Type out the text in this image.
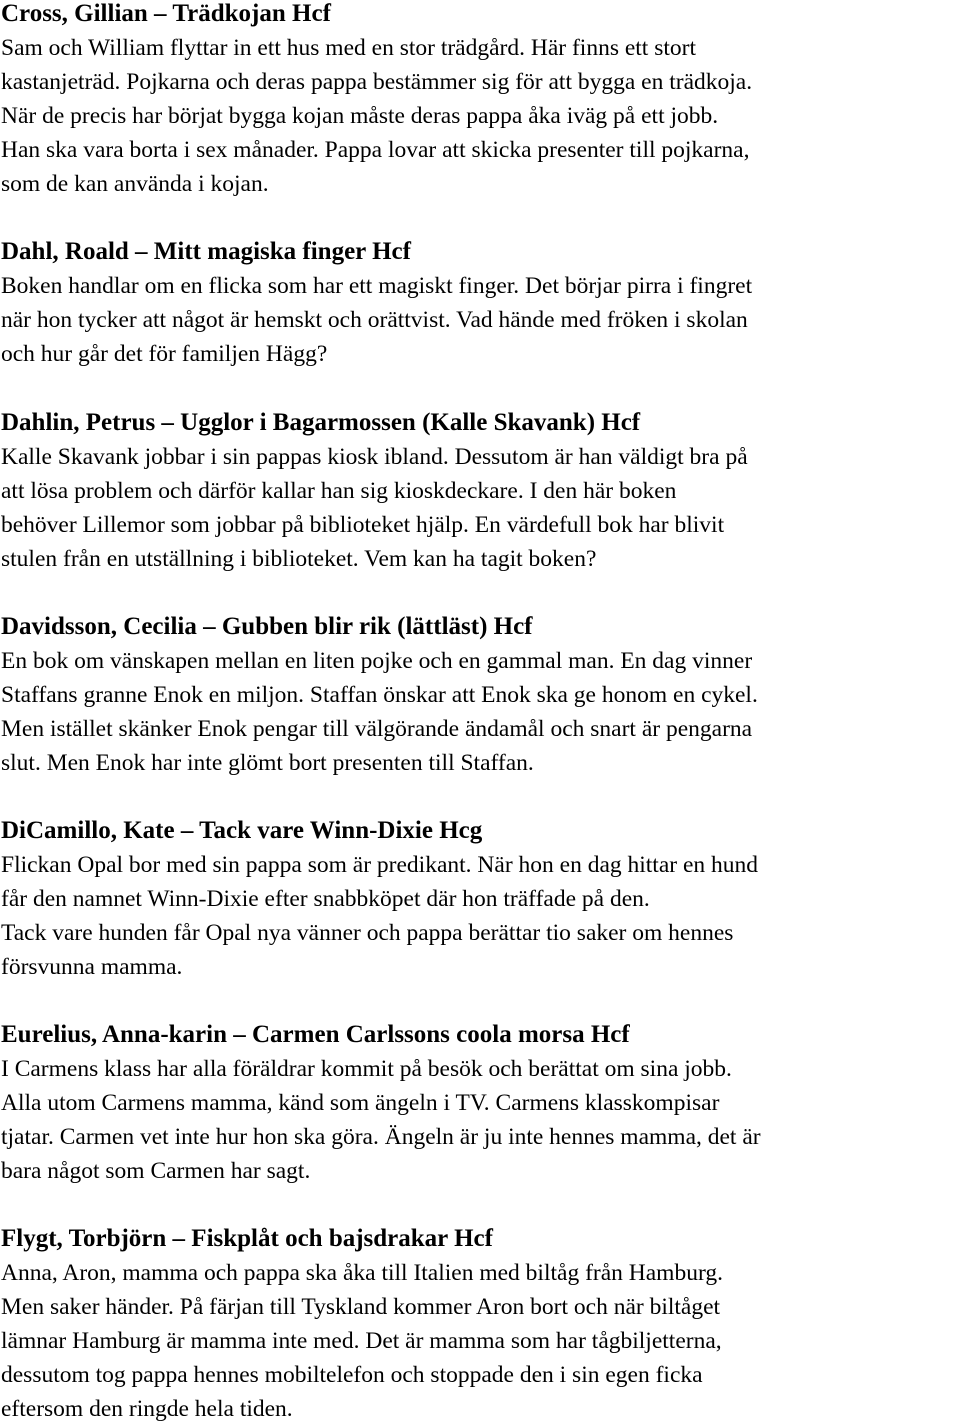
Cross, Gillian – Trädkojan Hcf
Sam och William flyttar in ett hus med en stor trädgård. Här finns ett stort
kastanjeträd. Pojkarna och deras pappa bestämmer sig för att bygga en trädkoja.
När de precis har börjat bygga kojan måste deras pappa åka iväg på ett jobb.
Han ska vara borta i sex månader. Pappa lovar att skicka presenter till pojkarna,
som de kan använda i kojan.
Dahl, Roald – Mitt magiska finger Hcf
Boken handlar om en flicka som har ett magiskt finger. Det börjar pirra i fingret
när hon tycker att något är hemskt och orättvist. Vad hände med fröken i skolan
och hur går det för familjen Hägg?
Dahlin, Petrus – Ugglor i Bagarmossen (Kalle Skavank) Hcf
Kalle Skavank jobbar i sin pappas kiosk ibland. Dessutom är han väldigt bra på
att lösa problem och därför kallar han sig kioskdeckare. I den här boken
behöver Lillemor som jobbar på biblioteket hjälp. En värdefull bok har blivit
stulen från en utställning i biblioteket. Vem kan ha tagit boken?
Davidsson, Cecilia – Gubben blir rik (lättläst) Hcf
En bok om vänskapen mellan en liten pojke och en gammal man. En dag vinner
Staffans granne Enok en miljon. Staffan önskar att Enok ska ge honom en cykel.
Men istället skänker Enok pengar till välgörande ändamål och snart är pengarna
slut. Men Enok har inte glömt bort presenten till Staffan.
DiCamillo, Kate – Tack vare Winn-Dixie Hcg
Flickan Opal bor med sin pappa som är predikant. När hon en dag hittar en hund
får den namnet Winn-Dixie efter snabbköpet där hon träffade på den.
Tack vare hunden får Opal nya vänner och pappa berättar tio saker om hennes
försvunna mamma.
Eurelius, Anna-karin – Carmen Carlssons coola morsa Hcf
I Carmens klass har alla föräldrar kommit på besök och berättat om sina jobb.
Alla utom Carmens mamma, känd som ängeln i TV. Carmens klasskompisar
tjatar. Carmen vet inte hur hon ska göra. Ängeln är ju inte hennes mamma, det är
bara något som Carmen har sagt.
Flygt, Torbjörn – Fiskplåt och bajsdrakar Hcf
Anna, Aron, mamma och pappa ska åka till Italien med biltåg från Hamburg.
Men saker händer. På färjan till Tyskland kommer Aron bort och när biltåget
lämnar Hamburg är mamma inte med. Det är mamma som har tågbiljetterna,
dessutom tog pappa hennes mobiltelefon och stoppade den i sin egen ficka
eftersom den ringde hela tiden.
